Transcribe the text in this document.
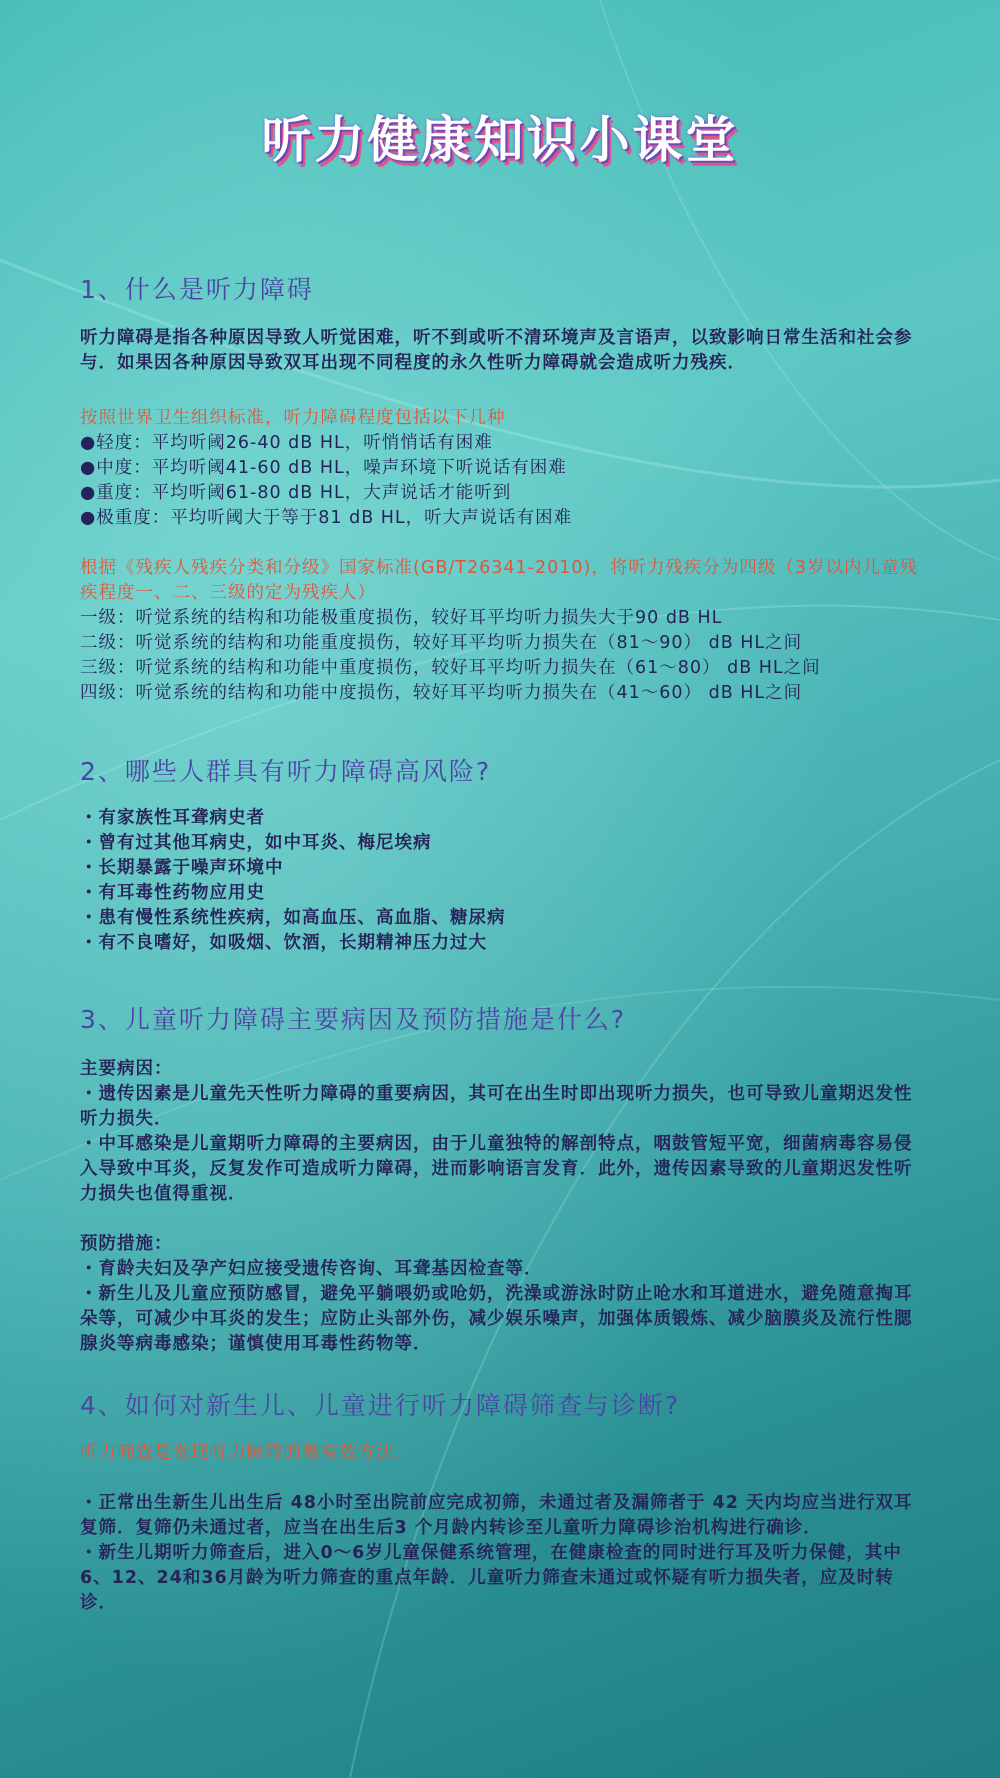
听力健康知识小课堂
1、什么是听力障碍
听力障碍是指各种原因导致人听觉困难，听不到或听不清环境声及言语声，以致影响日常生活和社会参与．如果因各种原因导致双耳出现不同程度的永久性听力障碍就会造成听力残疾．
按照世界卫生组织标准，听力障碍程度包括以下几种
●轻度：平均听阈26-40 dB HL，听悄悄话有困难
●中度：平均听阈41-60 dB HL，噪声环境下听说话有困难
●重度：平均听阈61-80 dB HL，大声说话才能听到
●极重度：平均听阈大于等于81 dB HL，听大声说话有困难
根据《残疾人残疾分类和分级》国家标准(GB/T26341-2010)，将听力残疾分为四级（3岁以内儿童残疾程度一、二、三级的定为残疾人）
一级：听觉系统的结构和功能极重度损伤，较好耳平均听力损失大于90 dB HL
二级：听觉系统的结构和功能重度损伤，较好耳平均听力损失在（81～90） dB HL之间
三级：听觉系统的结构和功能中重度损伤，较好耳平均听力损失在（61～80） dB HL之间
四级：听觉系统的结构和功能中度损伤，较好耳平均听力损失在（41～60） dB HL之间
2、哪些人群具有听力障碍高风险?
・有家族性耳聋病史者
・曾有过其他耳病史，如中耳炎、梅尼埃病
・长期暴露于噪声环境中
・有耳毒性药物应用史
・患有慢性系统性疾病，如高血压、高血脂、糖尿病
・有不良嗜好，如吸烟、饮酒，长期精神压力过大
3、儿童听力障碍主要病因及预防措施是什么?
主要病因：
・遗传因素是儿童先天性听力障碍的重要病因，其可在出生时即出现听力损失，也可导致儿童期迟发性听力损失．
・中耳感染是儿童期听力障碍的主要病因，由于儿童独特的解剖特点，咽鼓管短平宽，细菌病毒容易侵入导致中耳炎，反复发作可造成听力障碍，进而影响语言发育．此外，遗传因素导致的儿童期迟发性听力损失也值得重视．
预防措施：
・育龄夫妇及孕产妇应接受遗传咨询、耳聋基因检查等．
・新生儿及儿童应预防感冒，避免平躺喂奶或呛奶，洗澡或游泳时防止呛水和耳道进水，避免随意掏耳朵等，可减少中耳炎的发生；应防止头部外伤，减少娱乐噪声，加强体质锻炼、减少脑膜炎及流行性腮腺炎等病毒感染；谨慎使用耳毒性药物等．
4、如何对新生儿、儿童进行听力障碍筛查与诊断?
听力筛查是发现听力障碍的最有效方法．
・正常出生新生儿出生后 48小时至出院前应完成初筛，未通过者及漏筛者于 42 天内均应当进行双耳复筛．复筛仍未通过者，应当在出生后3 个月龄内转诊至儿童听力障碍诊治机构进行确诊．
・新生儿期听力筛查后，进入0～6岁儿童保健系统管理，在健康检查的同时进行耳及听力保健，其中6、12、24和36月龄为听力筛查的重点年龄．儿童听力筛查未通过或怀疑有听力损失者，应及时转诊．
